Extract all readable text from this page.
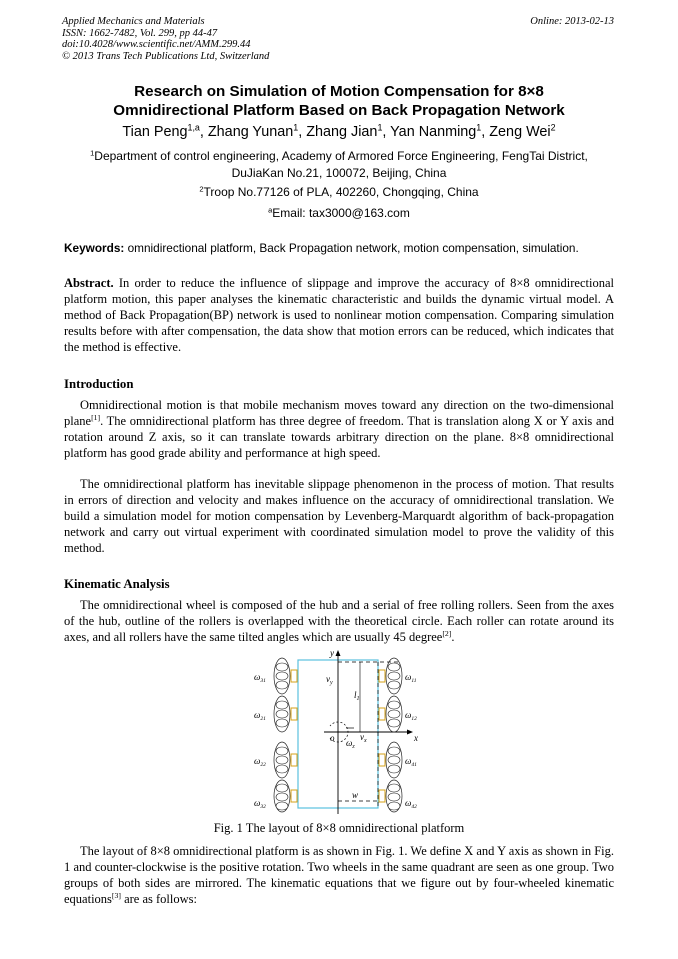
Applied Mechanics and Materials
ISSN: 1662-7482, Vol. 299, pp 44-47
doi:10.4028/www.scientific.net/AMM.299.44
© 2013 Trans Tech Publications Ltd, Switzerland
Online: 2013-02-13
Research on Simulation of Motion Compensation for 8×8
Omnidirectional Platform Based on Back Propagation Network
Tian Peng$^{1,a}$, Zhang Yunan$^1$, Zhang Jian$^1$, Yan Nanming$^1$, Zeng Wei$^2$
$^1$Department of control engineering, Academy of Armored Force Engineering, FengTai District,
DuJiaKan No.21, 100072, Beijing, China
$^2$Troop No.77126 of PLA, 402260, Chongqing, China
$^a$Email: tax3000@163.com
Keywords: omnidirectional platform, Back Propagation network, motion compensation, simulation.
Abstract. In order to reduce the influence of slippage and improve the accuracy of 8×8 omnidirectional platform motion, this paper analyses the kinematic characteristic and builds the dynamic virtual model. A method of Back Propagation(BP) network is used to nonlinear motion compensation. Comparing simulation results before with after compensation, the data show that motion errors can be reduced, which indicates that the method is effective.
Introduction
Omnidirectional motion is that mobile mechanism moves toward any direction on the two-dimensional plane[1]. The omnidirectional platform has three degree of freedom. That is translation along X or Y axis and rotation around Z axis, so it can translate towards arbitrary direction on the plane. 8×8 omnidirectional platform has good grade ability and performance at high speed.
The omnidirectional platform has inevitable slippage phenomenon in the process of motion. That results in errors of direction and velocity and makes influence on the accuracy of omnidirectional translation. We build a simulation model for motion compensation by Levenberg-Marquardt algorithm of back-propagation network and carry out virtual experiment with coordinated simulation model to prove the validity of this method.
Kinematic Analysis
The omnidirectional wheel is composed of the hub and a serial of free rolling rollers. Seen from the axes of the hub, outline of the rollers is overlapped with the theoretical circle. Each roller can rotate around its axes, and all rollers have the same tilted angles which are usually 45 degree[2].
y
x
o
$v_y$
$v_x$
$l_1$
w
$\omega_z$
$\omega_{31}$
$\omega_{21}$
$\omega_{22}$
$\omega_{32}$
$\omega_{11}$
$\omega_{12}$
$\omega_{41}$
$\omega_{42}$
Fig. 1 The layout of 8×8 omnidirectional platform
The layout of 8×8 omnidirectional platform is as shown in Fig. 1. We define X and Y axis as shown in Fig. 1 and counter-clockwise is the positive rotation. Two wheels in the same quadrant are seen as one group. Two groups of both sides are mirrored. The kinematic equations that we figure out by four-wheeled kinematic equations[3] are as follows:
